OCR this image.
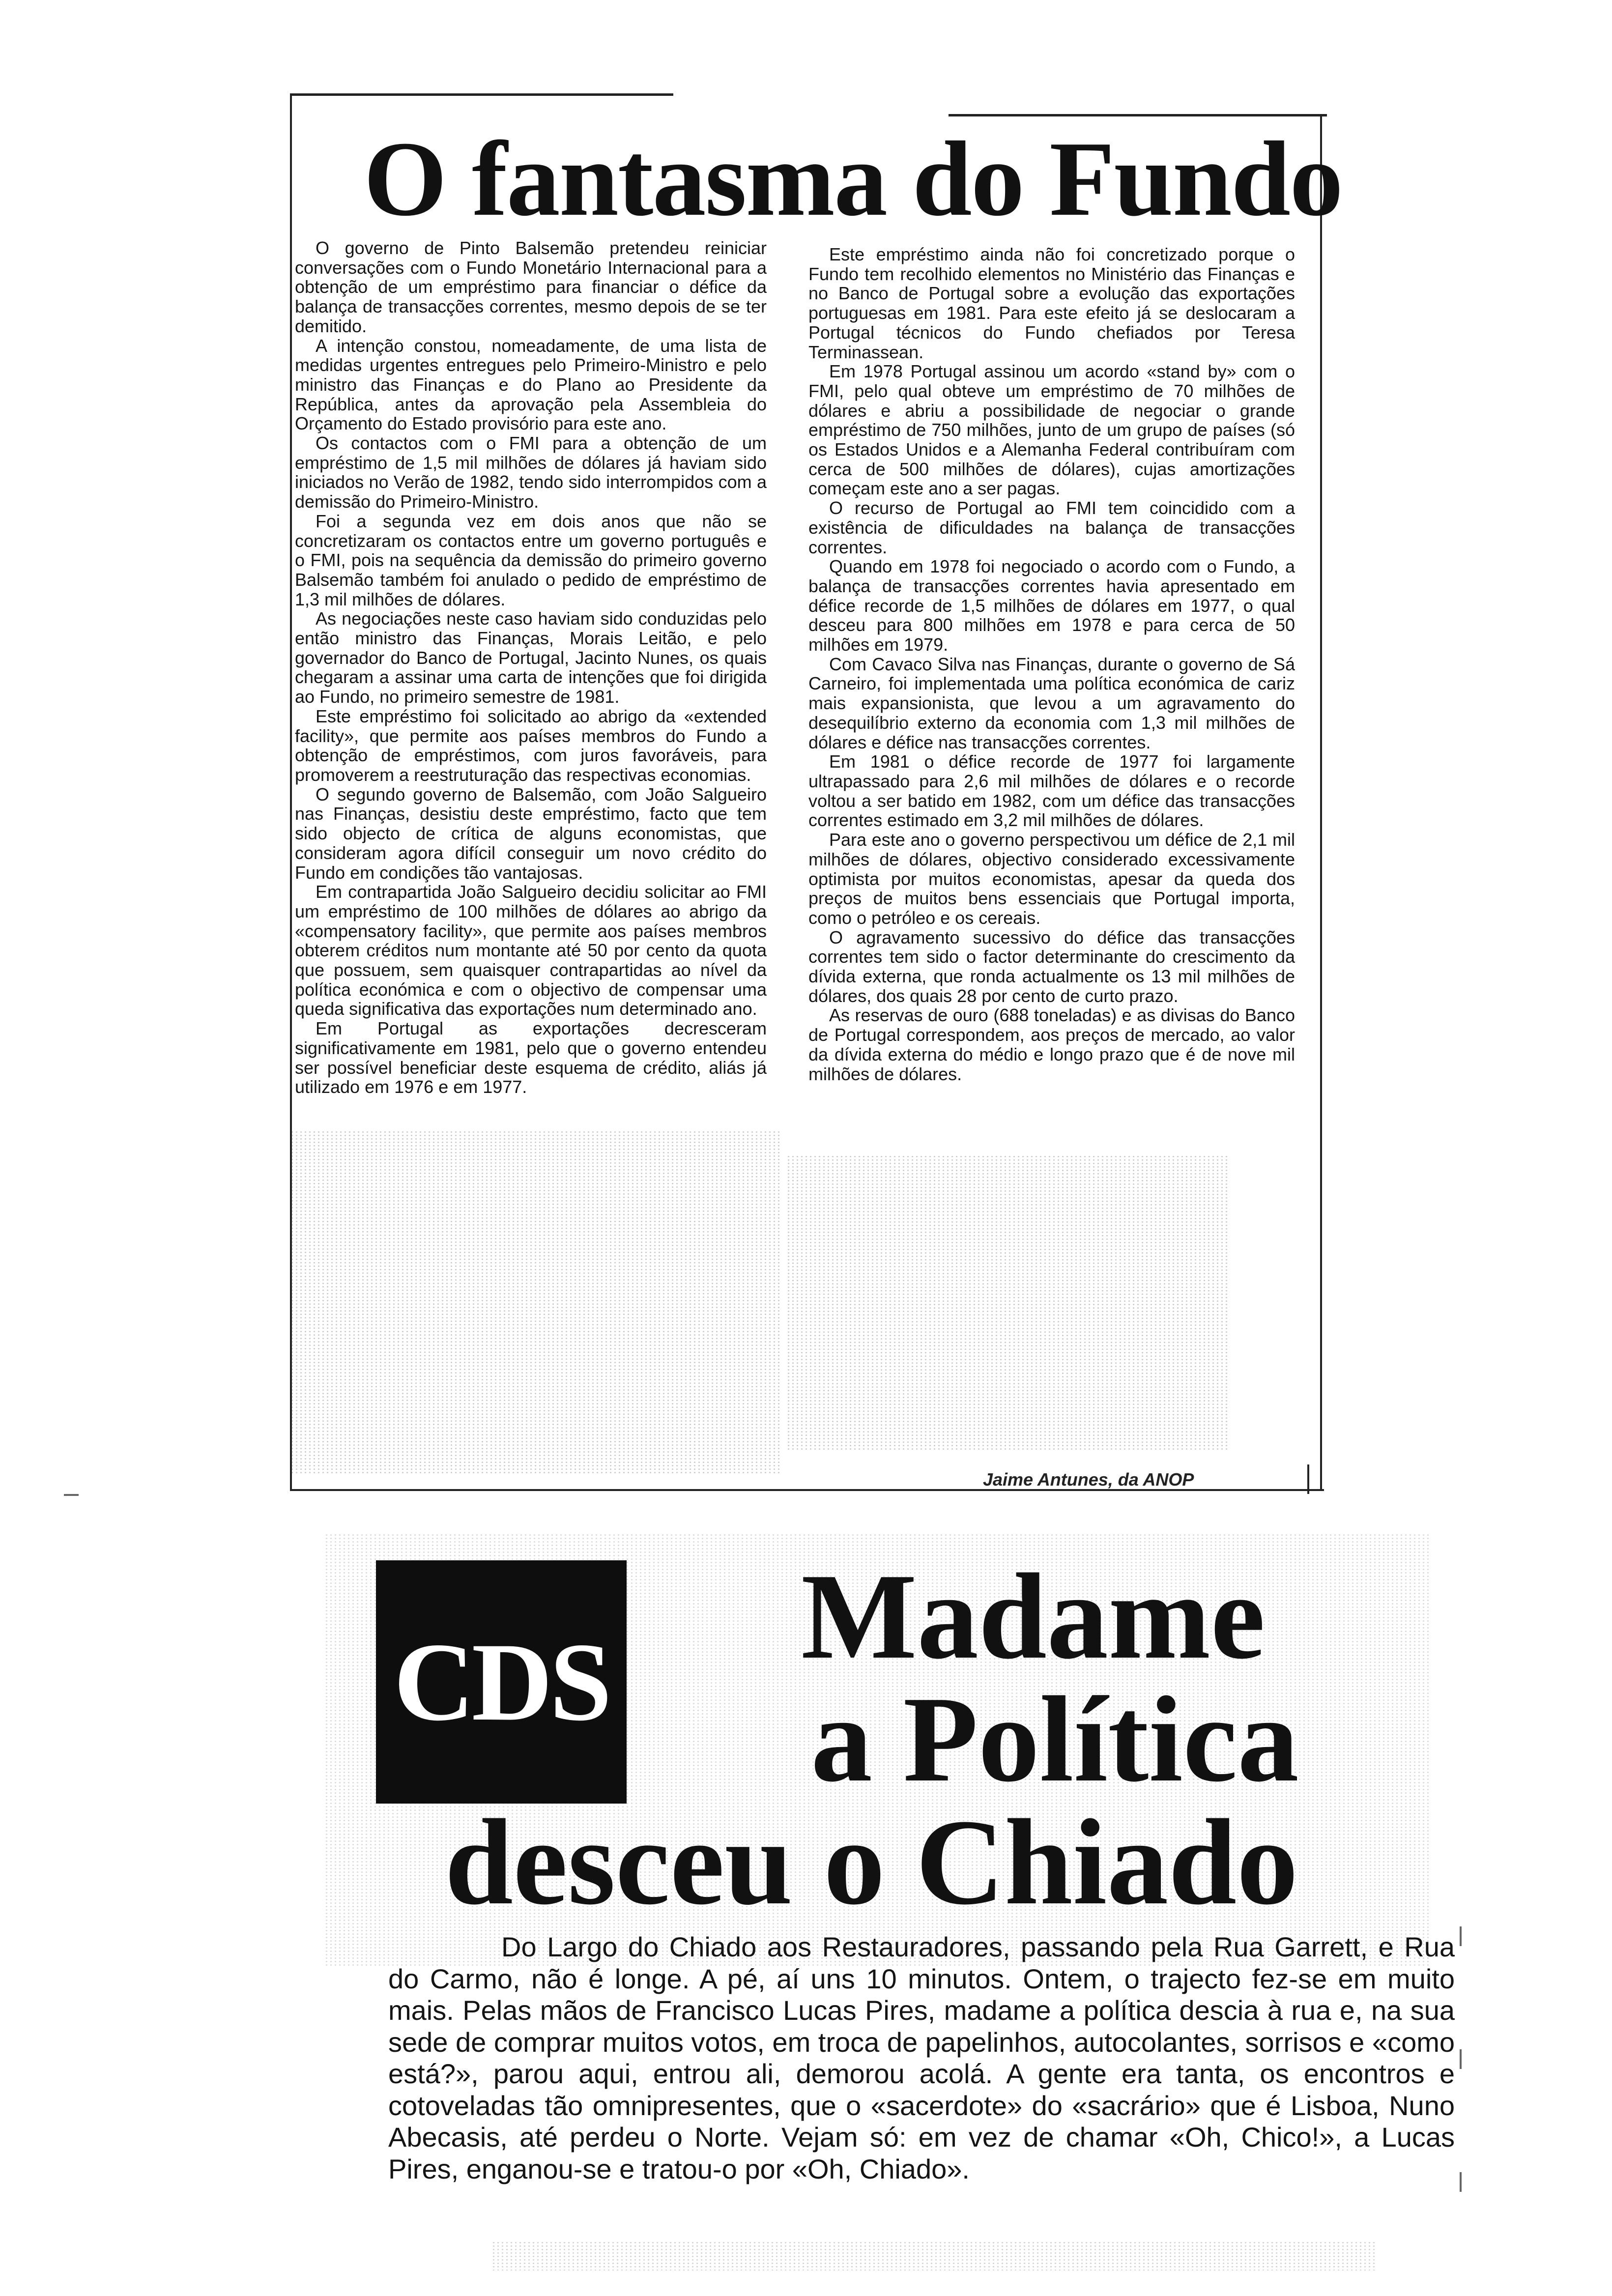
O fantasma do Fundo

O governo de Pinto Balsemão pretendeu reiniciar conversações com o Fundo Monetário Internacional para a obtenção de um empréstimo para financiar o défice da balança de transacções correntes, mesmo depois de se ter demitido.

A intenção constou, nomeadamente, de uma lista de medidas urgentes entregues pelo Primeiro-Ministro e pelo ministro das Finanças e do Plano ao Presidente da República, antes da aprovação pela Assembleia do Orçamento do Estado provisório para este ano.

Os contactos com o FMI para a obtenção de um empréstimo de 1,5 mil milhões de dólares já haviam sido iniciados no Verão de 1982, tendo sido interrompidos com a demissão do Primeiro-Ministro.

Foi a segunda vez em dois anos que não se concretizaram os contactos entre um governo português e o FMI, pois na sequência da demissão do primeiro governo Balsemão também foi anulado o pedido de empréstimo de 1,3 mil milhões de dólares.

As negociações neste caso haviam sido conduzidas pelo então ministro das Finanças, Morais Leitão, e pelo governador do Banco de Portugal, Jacinto Nunes, os quais chegaram a assinar uma carta de intenções que foi dirigida ao Fundo, no primeiro semestre de 1981.

Este empréstimo foi solicitado ao abrigo da «extended facility», que permite aos países membros do Fundo a obtenção de empréstimos, com juros favoráveis, para promoverem a reestruturação das respectivas economias.

O segundo governo de Balsemão, com João Salgueiro nas Finanças, desistiu deste empréstimo, facto que tem sido objecto de crítica de alguns economistas, que consideram agora difícil conseguir um novo crédito do Fundo em condições tão vantajosas.

Em contrapartida João Salgueiro decidiu solicitar ao FMI um empréstimo de 100 milhões de dólares ao abrigo da «compensatory facility», que permite aos países membros obterem créditos num montante até 50 por cento da quota que possuem, sem quaisquer contrapartidas ao nível da política económica e com o objectivo de compensar uma queda significativa das exportações num determinado ano.

Em Portugal as exportações decresceram significativamente em 1981, pelo que o governo entendeu ser possível beneficiar deste esquema de crédito, aliás já utilizado em 1976 e em 1977.

Este empréstimo ainda não foi concretizado porque o Fundo tem recolhido elementos no Ministério das Finanças e no Banco de Portugal sobre a evolução das exportações portuguesas em 1981. Para este efeito já se deslocaram a Portugal técnicos do Fundo chefiados por Teresa Terminassean.

Em 1978 Portugal assinou um acordo «stand by» com o FMI, pelo qual obteve um empréstimo de 70 milhões de dólares e abriu a possibilidade de negociar o grande empréstimo de 750 milhões, junto de um grupo de países (só os Estados Unidos e a Alemanha Federal contribuíram com cerca de 500 milhões de dólares), cujas amortizações começam este ano a ser pagas.

O recurso de Portugal ao FMI tem coincidido com a existência de dificuldades na balança de transacções correntes.

Quando em 1978 foi negociado o acordo com o Fundo, a balança de transacções correntes havia apresentado em défice recorde de 1,5 milhões de dólares em 1977, o qual desceu para 800 milhões em 1978 e para cerca de 50 milhões em 1979.

Com Cavaco Silva nas Finanças, durante o governo de Sá Carneiro, foi implementada uma política económica de cariz mais expansionista, que levou a um agravamento do desequilíbrio externo da economia com 1,3 mil milhões de dólares e défice nas transacções correntes.

Em 1981 o défice recorde de 1977 foi largamente ultrapassado para 2,6 mil milhões de dólares e o recorde voltou a ser batido em 1982, com um défice das transacções correntes estimado em 3,2 mil milhões de dólares.

Para este ano o governo perspectivou um défice de 2,1 mil milhões de dólares, objectivo considerado excessivamente optimista por muitos economistas, apesar da queda dos preços de muitos bens essenciais que Portugal importa, como o petróleo e os cereais.

O agravamento sucessivo do défice das transacções correntes tem sido o factor determinante do crescimento da dívida externa, que ronda actualmente os 13 mil milhões de dólares, dos quais 28 por cento de curto prazo.

As reservas de ouro (688 toneladas) e as divisas do Banco de Portugal correspondem, aos preços de mercado, ao valor da dívida externa do médio e longo prazo que é de nove mil milhões de dólares.

Jaime Antunes, da ANOP
CDS Madame
a Política
desceu o Chiado

Do Largo do Chiado aos Restauradores, passando pela Rua Garrett, e Rua do Carmo, não é longe. A pé, aí uns 10 minutos. Ontem, o trajecto fez-se em muito mais. Pelas mãos de Francisco Lucas Pires, madame a política descia à rua e, na sua sede de comprar muitos votos, em troca de papelinhos, autocolantes, sorrisos e «como está?», parou aqui, entrou ali, demorou acolá. A gente era tanta, os encontros e cotoveladas tão omnipresentes, que o «sacerdote» do «sacrário» que é Lisboa, Nuno Abecasis, até perdeu o Norte. Vejam só: em vez de chamar «Oh, Chico!», a Lucas Pires, enganou-se e tratou-o por «Oh, Chiado».
